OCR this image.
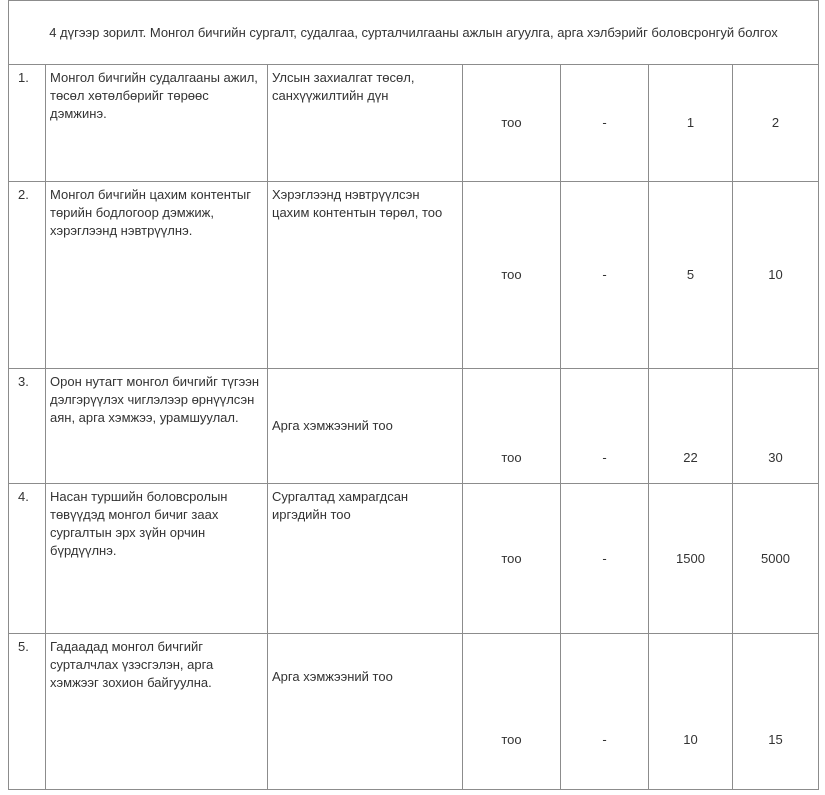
4 дүгээр зорилт. Монгол бичгийн сургалт, судалгаа, сурталчилгааны ажлын агуулга, арга хэлбэрийг боловсронгуй болгох						
1.	Монгол бичгийн судалгааны ажил, төсөл хөтөлбөрийг төрөөс дэмжинэ.	Улсын захиалгат төсөл, санхүүжилтийн дүн	тоо	-	1	2
2.	Монгол бичгийн цахим контентыг төрийн бодлогоор дэмжиж, хэрэглээнд нэвтрүүлнэ.	Хэрэглээнд нэвтрүүлсэн цахим контентын төрөл, тоо	тоо	-	5	10
3.	Орон нутагт монгол бичгийг түгээн дэлгэрүүлэх чиглэлээр өрнүүлсэн аян, арга хэмжээ, урамшуулал.	Арга хэмжээний тоо	тоо	-	22	30
4.	Насан туршийн боловсролын төвүүдэд монгол бичиг заах сургалтын эрх зүйн орчин бүрдүүлнэ.	Сургалтад хамрагдсан иргэдийн тоо	тоо	-	1500	5000
5.	Гадаадад монгол бичгийг сурталчлах үзэсгэлэн, арга хэмжээг зохион байгуулна.	Арга хэмжээний тоо	тоо	-	10	15
